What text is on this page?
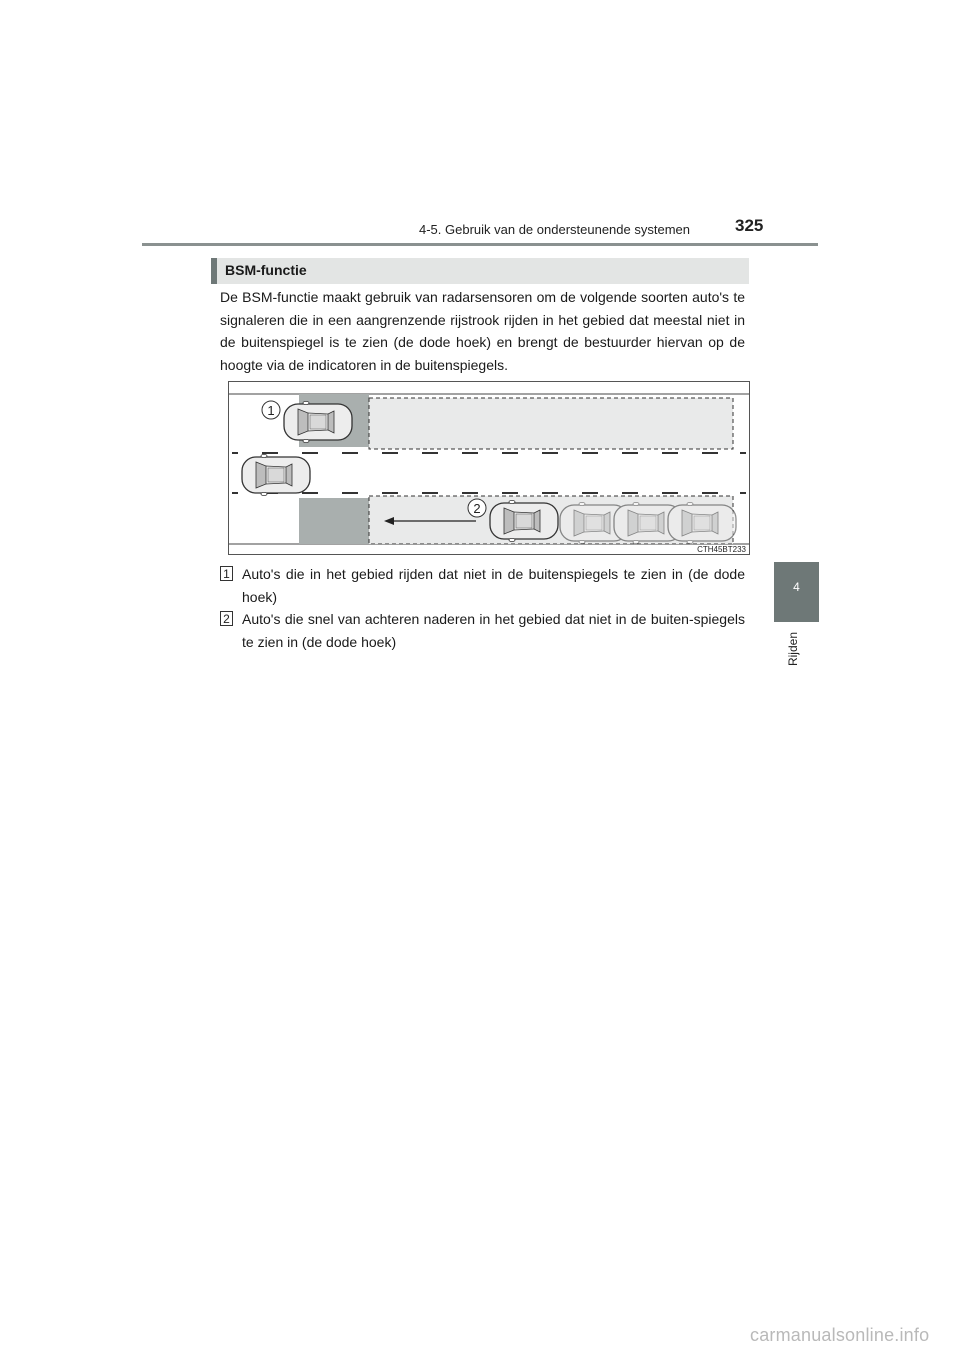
4-5. Gebruik van de ondersteunende systemen	325
4
Rijden
BSM-functie

De BSM-functie maakt gebruik van radarsensoren om de volgende soorten auto's te signaleren die in een aangrenzende rijstrook rijden in het gebied dat meestal niet in de buitenspiegel is te zien (de dode hoek) en brengt de bestuurder hiervan op de hoogte via de indicatoren in de buitenspiegels.

1
2
CTH45BT233
1 Auto's die in het gebied rijden dat niet in de buitenspiegels te zien in (de dode hoek)

2 Auto's die snel van achteren naderen in het gebied dat niet in de buiten-spiegels te zien in (de dode hoek)

carmanualsonline.info
